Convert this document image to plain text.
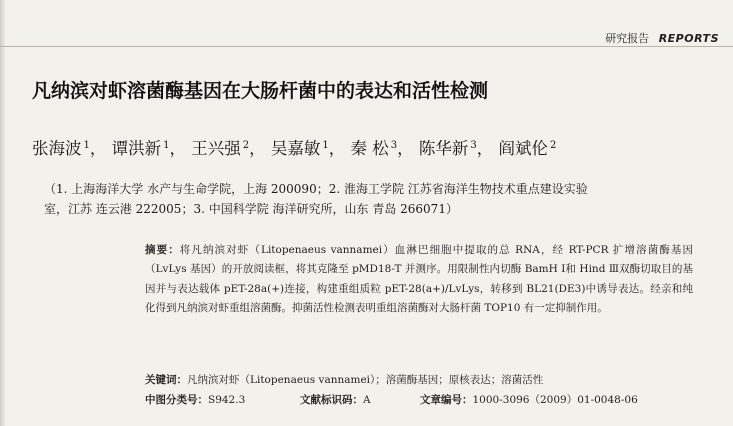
研究报告 REPORTS
凡纳滨对虾溶菌酶基因在大肠杆菌中的表达和活性检测
张海波 $^1$， 谭洪新 $^1$， 王兴强 $^2$， 吴嘉敏 $^1$， 秦 松 $^3$， 陈华新 $^3$， 阎斌伦 $^2$
（1. 上海海洋大学 水产与生命学院，上海 200090；2. 淮海工学院 江苏省海洋生物技术重点建设实验
室，江苏 连云港 222005；3. 中国科学院 海洋研究所，山东 青岛 266071）
摘要：将凡纳滨对虾（Litopenaeus vannamei）血淋巴细胞中提取的总 RNA，经 RT-PCR 扩增溶菌酶基因（LvLys 基因）的开放阅读框，将其克隆至 pMD18-T 并测序。用限制性内切酶 BamH Ⅰ和 Hind Ⅲ双酶切取目的基因并与表达载体 pET-28a(+)连接，构建重组质粒 pET-28(a+)/LvLys，转移到 BL21(DE3)中诱导表达。经亲和纯化得到凡纳滨对虾重组溶菌酶。抑菌活性检测表明重组溶菌酶对大肠杆菌 TOP10 有一定抑制作用。
关键词：凡纳滨对虾（Litopenaeus vannamei）；溶菌酶基因；原核表达；溶菌活性
中图分类号：S942.3	文献标识码：A	文章编号：1000-3096（2009）01-0048-06
